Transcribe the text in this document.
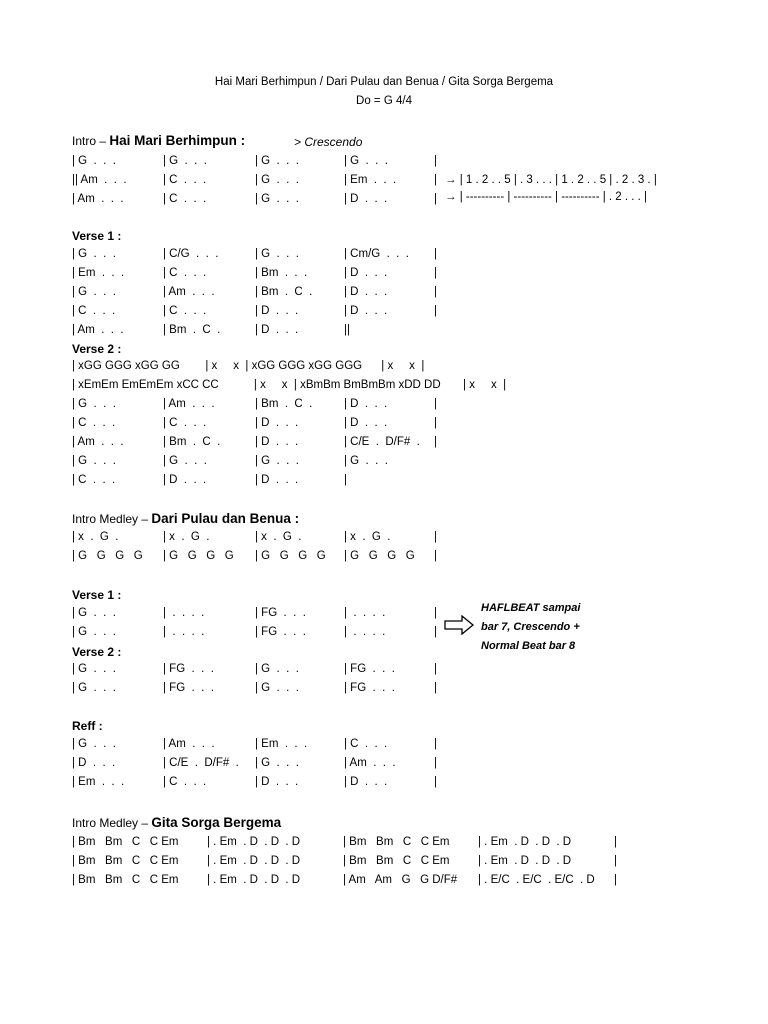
Hai Mari Berhimpun / Dari Pulau dan Benua / Gita Sorga Bergema
Do = G 4/4
Intro – Hai Mari Berhimpun :	> Crescendo
| G  .  .  .	| G  .  .  .	| G  .  .  .	| G  .  .  .	|
|| Am  .  .  .	| C  .  .  .	| G  .  .  .	| Em  .  .  .	|
| Am  .  .  .	| C  .  .  .	| G  .  .  .	| D  .  .  .	|
→ | 1 . 2 . . 5 | . 3 . . . | 1 . 2 . . 5 | . 2 . 3 . |
→ | ---------- | ---------- | ---------- | . 2 . . . |
Verse 1 :
| G  .  .  .	| C/G  .  .  .	| G  .  .  .	| Cm/G  .  .  . |
| Em  .  .  .	| C  .  .  .	| Bm  .  .  .	| D  .  .  .	|
| G  .  .  .	| Am  .  .  .	| Bm  .  C  .	| D  .  .  .	|
| C  .  .  .	| C  .  .  .	| D  .  .  .	| D  .  .  .	|
| Am  .  .  .	| Bm  .  C  .	| D  .  .  .	||
Verse 2 :
| xGG GGG xGG GG        | x     x  | xGG GGG xGG GGG      | x     x  |
| xEmEm EmEmEm xCC CC           | x     x  | xBmBm BmBmBm xDD DD       | x     x  |
| G  .  .  .	| Am  .  .  .	| Bm  .  C  .	| D  .  .  .	|
| C  .  .  .	| C  .  .  .	| D  .  .  .	| D  .  .  .	|
| Am  .  .  .	| Bm  .  C  .	| D  .  .  .	| C/E  .  D/F#  . |
| G  .  .  .	| G  .  .  .	| G  .  .  .	| G  .  .  .
| C  .  .  .	| D  .  .  .	| D  .  .  .	|
Intro Medley – Dari Pulau dan Benua :
| x  .  G  .	| x  .  G  .	| x  .  G  .	| x  .  G  .	|
| G   G   G   G | G   G   G   G | G   G   G   G | G   G   G   G |
Verse 1 :
| G  .  .  .	|  .  .  .  .	| FG  .  .  .	|  .  .  .  .	|
| G  .  .  .	|  .  .  .  .	| FG  .  .  .	|  .  .  .  .	|
HAFLBEAT sampai bar 7, Crescendo + Normal Beat bar 8
Verse 2 :
| G  .  .  .	| FG  .  .  .	| G  .  .  .	| FG  .  .  .	|
| G  .  .  .	| FG  .  .  .	| G  .  .  .	| FG  .  .  .	|
Reff :
| G  .  .  .	| Am  .  .  .	| Em  .  .  .	| C  .  .  .	|
| D  .  .  .	| C/E  .  D/F#  . | G  .  .  .	| Am  .  .  .	|
| Em  .  .  .	| C  .  .  .	| D  .  .  .	| D  .  .  .	|
Intro Medley – Gita Sorga Bergema
| Bm   Bm   C   C Em | . Em  . D  . D  . D	| Bm   Bm   C   C Em | . Em  . D  . D  . D	|
| Bm   Bm   C   C Em | . Em  . D  . D  . D	| Bm   Bm   C   C Em | . Em  . D  . D  . D	|
| Bm   Bm   C   C Em | . Em  . D  . D  . D	| Am   Am   G   G D/F# | . E/C  . E/C  . E/C  . D |
